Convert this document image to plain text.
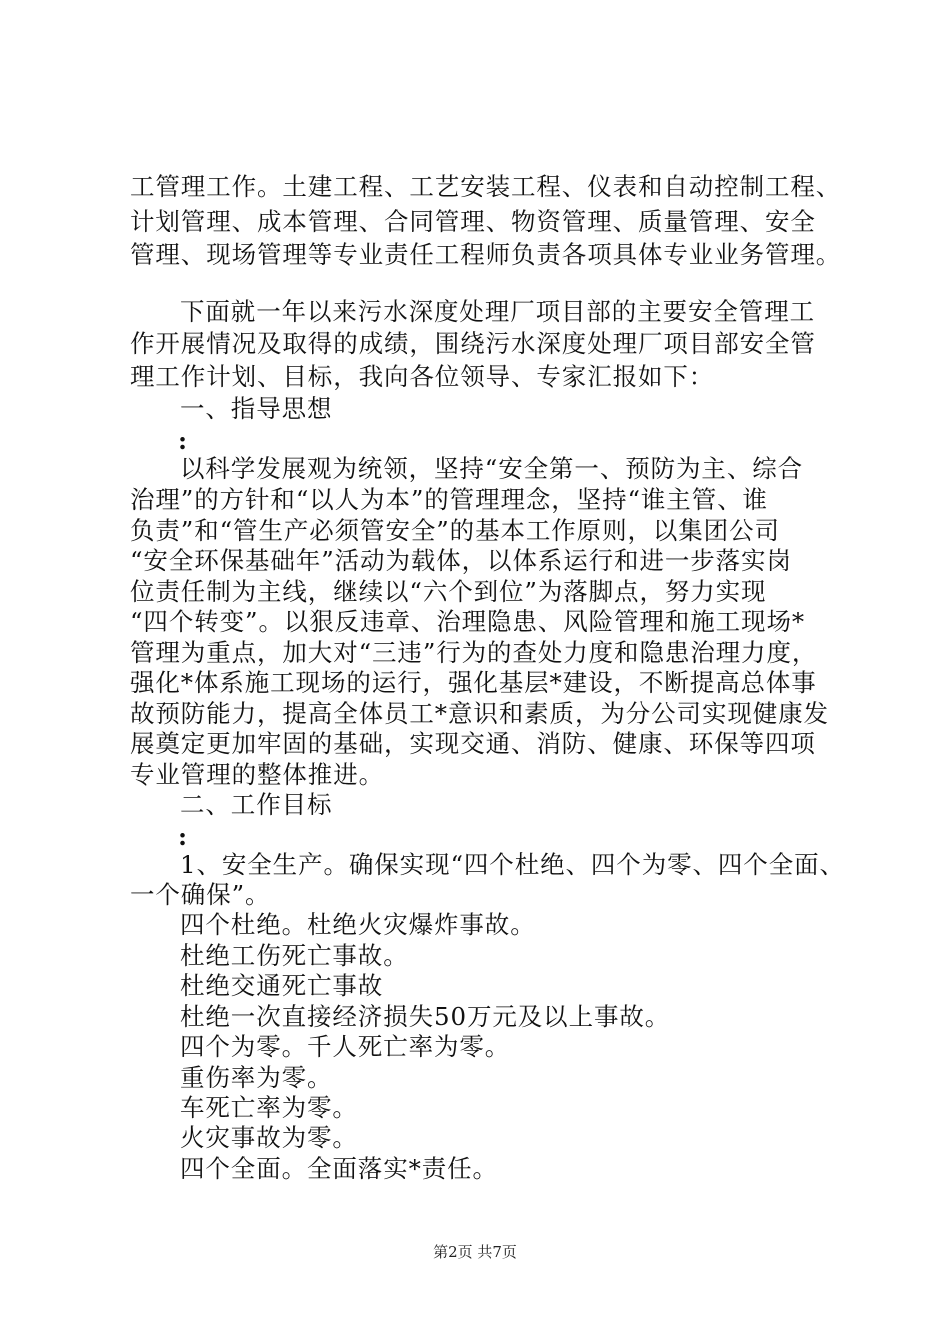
工管理工作。土建工程、工艺安装工程、仪表和自动控制工程、
计划管理、成本管理、合同管理、物资管理、质量管理、安全
管理、现场管理等专业责任工程师负责各项具体专业业务管理。
下面就一年以来污水深度处理厂项目部的主要安全管理工
作开展情况及取得的成绩，围绕污水深度处理厂项目部安全管
理工作计划、目标，我向各位领导、专家汇报如下：
一、指导思想
:
以科学发展观为统领，坚持“安全第一、预防为主、综合
治理”的方针和“以人为本”的管理理念，坚持“谁主管、谁
负责”和“管生产必须管安全”的基本工作原则，以集团公司
“安全环保基础年”活动为载体，以体系运行和进一步落实岗
位责任制为主线，继续以“六个到位”为落脚点，努力实现
“四个转变”。以狠反违章、治理隐患、风险管理和施工现场*
管理为重点，加大对“三违”行为的查处力度和隐患治理力度，
强化*体系施工现场的运行，强化基层*建设，不断提高总体事
故预防能力，提高全体员工*意识和素质，为分公司实现健康发
展奠定更加牢固的基础，实现交通、消防、健康、环保等四项
专业管理的整体推进。
二、工作目标
:
1、安全生产。确保实现“四个杜绝、四个为零、四个全面、
一个确保”。
四个杜绝。杜绝火灾爆炸事故。
杜绝工伤死亡事故。
杜绝交通死亡事故
杜绝一次直接经济损失50万元及以上事故。
四个为零。千人死亡率为零。
重伤率为零。
车死亡率为零。
火灾事故为零。
四个全面。全面落实*责任。
第2页 共7页
